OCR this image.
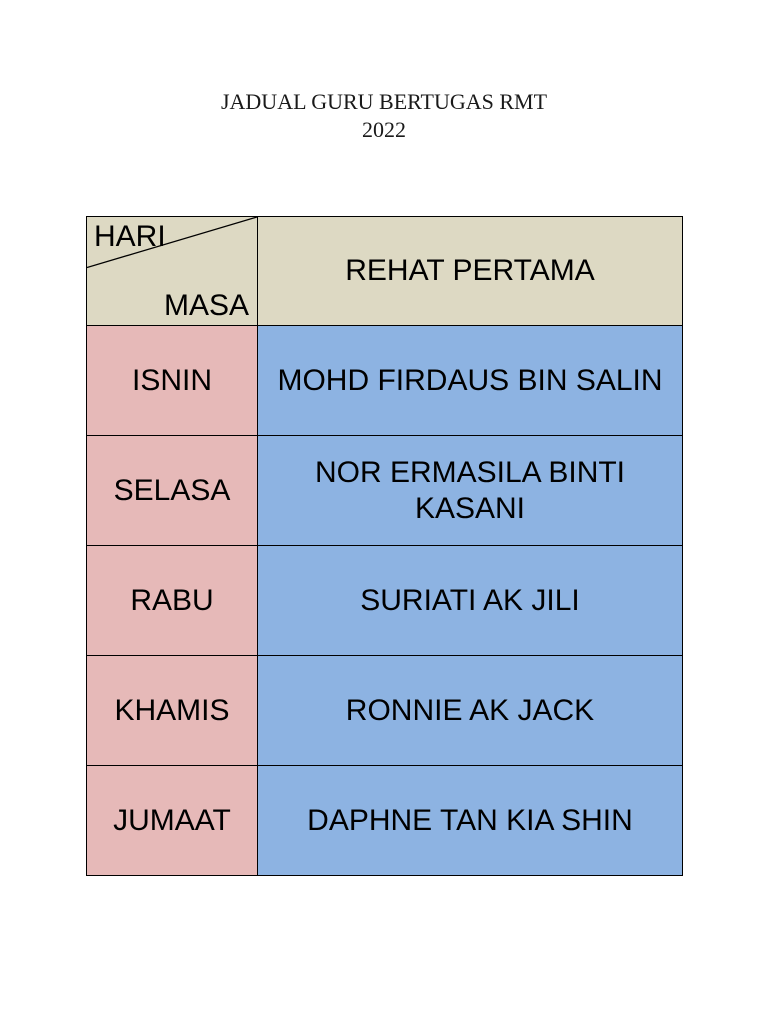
JADUAL GURU BERTUGAS RMT
2022
HARI
MASA	REHAT PERTAMA
ISNIN	MOHD FIRDAUS BIN SALIN
SELASA	NOR ERMASILA BINTI KASANI
RABU	SURIATI AK JILI
KHAMIS	RONNIE AK JACK
JUMAAT	DAPHNE TAN KIA SHIN
